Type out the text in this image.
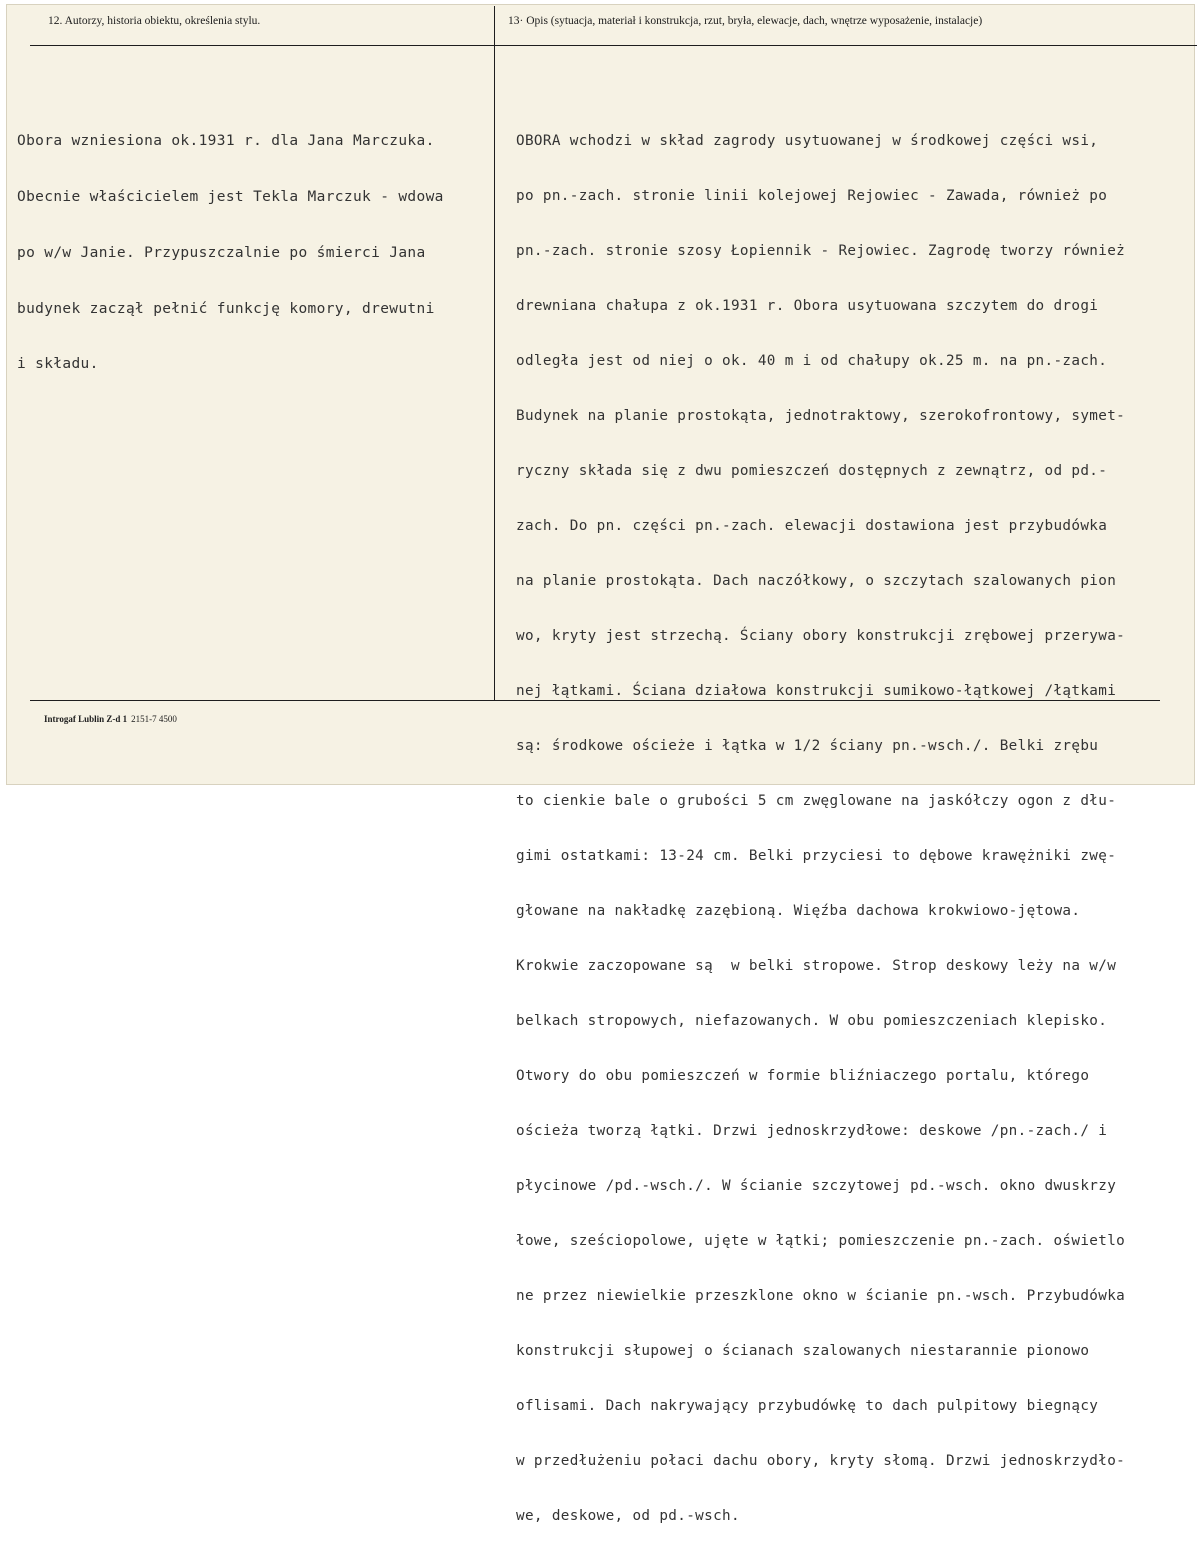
12. Autorzy, historia obiektu, określenia stylu.	13· Opis (sytuacja, materiał i konstrukcja, rzut, bryła, elewacje, dach, wnętrze wyposażenie, instalacje)

Obora wzniesiona ok.1931 r. dla Jana Marczuka.

Obecnie właścicielem jest Tekla Marczuk - wdowa

po w/w Janie. Przypuszczalnie po śmierci Jana

budynek zaczął pełnić funkcję komory, drewutni

i składu.

OBORA wchodzi w skład zagrody usytuowanej w środkowej części wsi,

po pn.-zach. stronie linii kolejowej Rejowiec - Zawada, również po

pn.-zach. stronie szosy Łopiennik - Rejowiec. Zagrodę tworzy również

drewniana chałupa z ok.1931 r. Obora usytuowana szczytem do drogi

odległa jest od niej o ok. 40 m i od chałupy ok.25 m. na pn.-zach.

Budynek na planie prostokąta, jednotraktowy, szerokofrontowy, symet-

ryczny składa się z dwu pomieszczeń dostępnych z zewnątrz, od pd.-

zach. Do pn. części pn.-zach. elewacji dostawiona jest przybudówka

na planie prostokąta. Dach naczółkowy, o szczytach szalowanych pion

wo, kryty jest strzechą. Ściany obory konstrukcji zrębowej przerywa-

nej łątkami. Ściana działowa konstrukcji sumikowo-łątkowej /łątkami

są: środkowe ościeże i łątka w 1/2 ściany pn.-wsch./. Belki zrębu

to cienkie bale o grubości 5 cm zwęglowane na jaskółczy ogon z dłu-

gimi ostatkami: 13-24 cm. Belki przyciesi to dębowe krawężniki zwę-

głowane na nakładkę zazębioną. Więźba dachowa krokwiowo-jętowa.

Krokwie zaczopowane są  w belki stropowe. Strop deskowy leży na w/w

belkach stropowych, niefazowanych. W obu pomieszczeniach klepisko.

Otwory do obu pomieszczeń w formie bliźniaczego portalu, którego

ościeża tworzą łątki. Drzwi jednoskrzydłowe: deskowe /pn.-zach./ i

płycinowe /pd.-wsch./. W ścianie szczytowej pd.-wsch. okno dwuskrzy

łowe, sześciopolowe, ujęte w łątki; pomieszczenie pn.-zach. oświetlo

ne przez niewielkie przeszklone okno w ścianie pn.-wsch. Przybudówka

konstrukcji słupowej o ścianach szalowanych niestarannie pionowo

oflisami. Dach nakrywający przybudówkę to dach pulpitowy biegnący

w przedłużeniu połaci dachu obory, kryty słomą. Drzwi jednoskrzydło-

we, deskowe, od pd.-wsch.

Introgaf Lublin Z-d 1 2151-7 4500
